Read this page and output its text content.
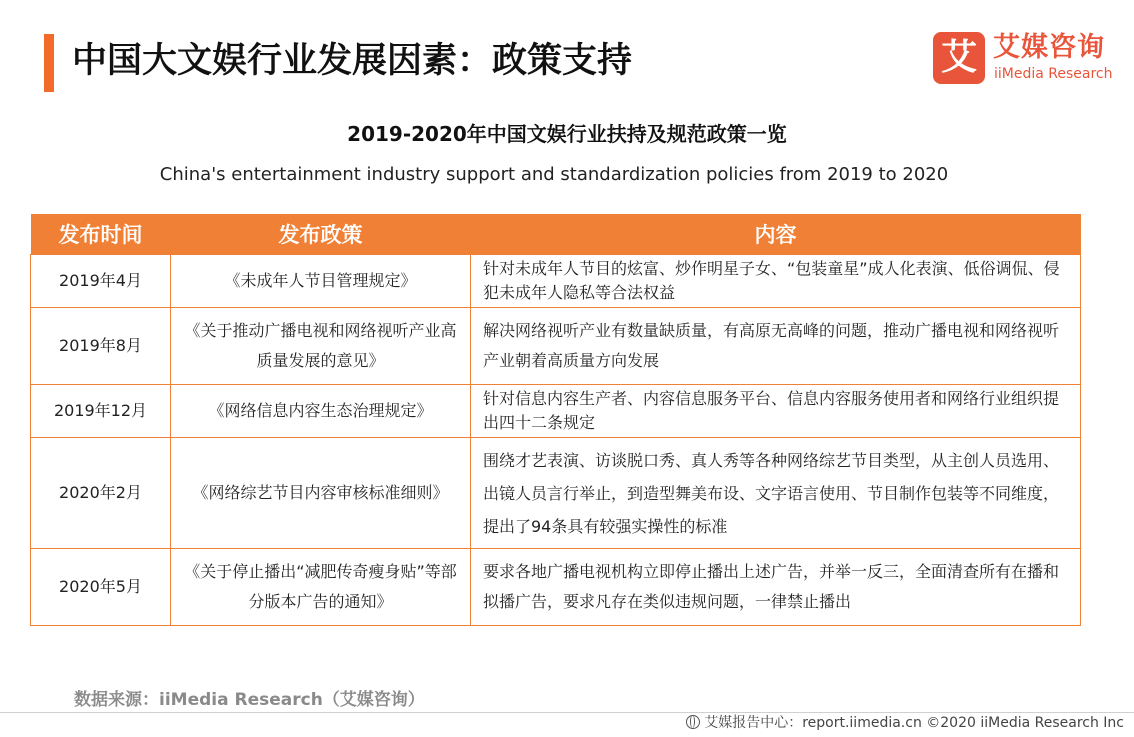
中国大文娱行业发展因素：政策支持	艾 艾媒咨询
iiMedia Research
2019-2020年中国文娱行业扶持及规范政策一览
China's entertainment industry support and standardization policies from 2019 to 2020
发布时间	发布政策	内容
2019年4月	《未成年人节目管理规定》	针对未成年人节目的炫富、炒作明星子女、“包装童星”成人化表演、低俗调侃、侵犯未成年人隐私等合法权益
2019年8月	《关于推动广播电视和网络视听产业高质量发展的意见》	解决网络视听产业有数量缺质量，有高原无高峰的问题，推动广播电视和网络视听产业朝着高质量方向发展
2019年12月	《网络信息内容生态治理规定》	针对信息内容生产者、内容信息服务平台、信息内容服务使用者和网络行业组织提出四十二条规定
2020年2月	《网络综艺节目内容审核标准细则》	围绕才艺表演、访谈脱口秀、真人秀等各种网络综艺节目类型，从主创人员选用、出镜人员言行举止，到造型舞美布设、文字语言使用、节目制作包装等不同维度，提出了94条具有较强实操性的标准
2020年5月	《关于停止播出“减肥传奇瘦身贴”等部分版本广告的通知》	要求各地广播电视机构立即停止播出上述广告，并举一反三，全面清查所有在播和拟播广告，要求凡存在类似违规问题，一律禁止播出
数据来源：iiMedia Research（艾媒咨询）
艾媒报告中心：report.iimedia.cn ©2020 iiMedia Research Inc
